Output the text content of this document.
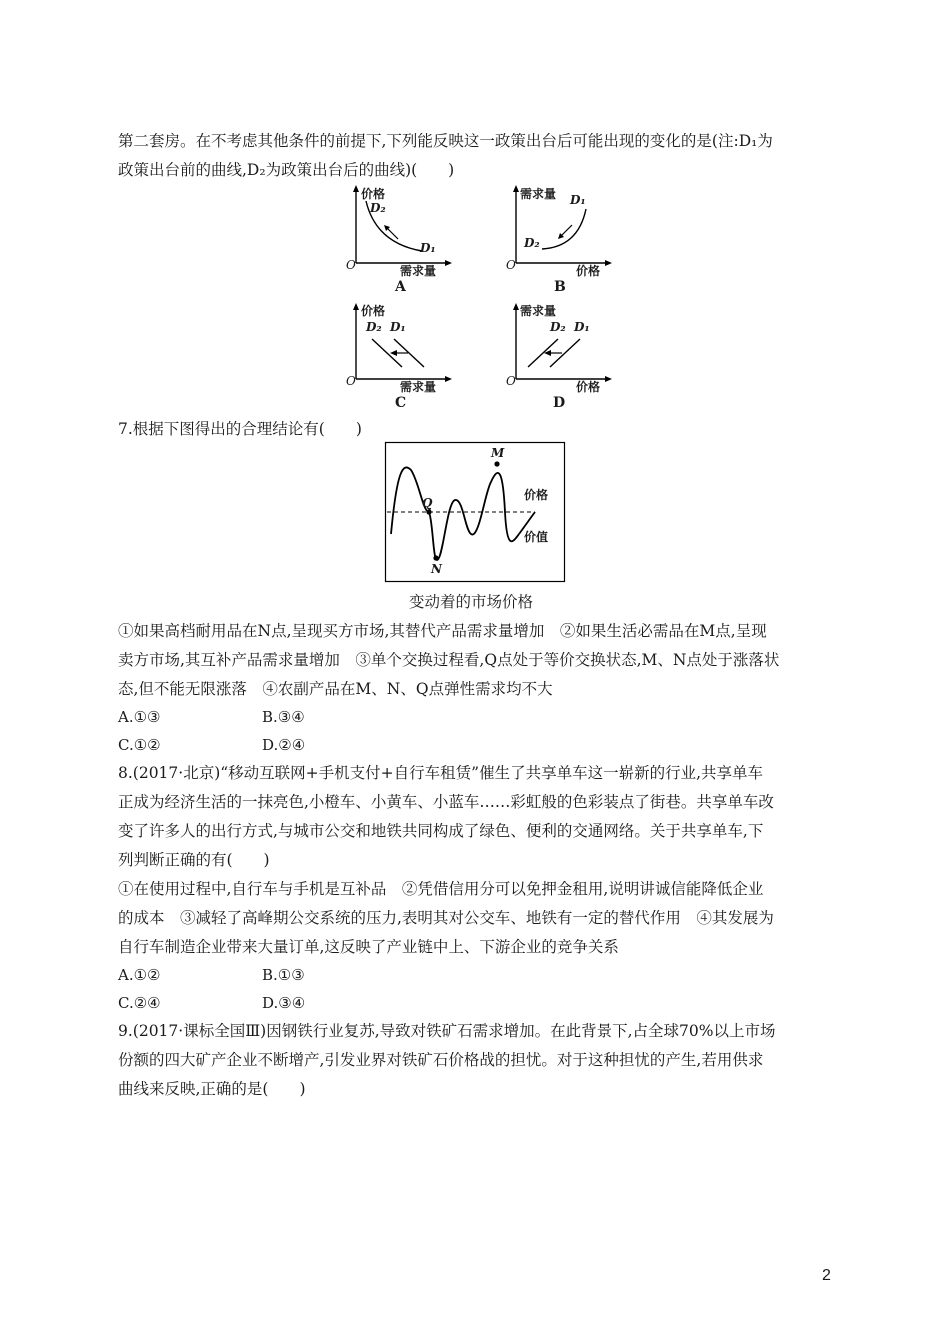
第二套房。在不考虑其他条件的前提下,下列能反映这一政策出台后可能出现的变化的是(注:D₁为
政策出台前的曲线,D₂为政策出台后的曲线)(　　)
价格
需求量
O
D₂
D₁
A
需求量
价格
O
D₁
D₂
B
价格
需求量
O
D₂ D₁
C
需求量
价格
O
D₂ D₁
D
7.根据下图得出的合理结论有(　　)
M
Q
N
价格
价值
变动着的市场价格
①如果高档耐用品在N点,呈现买方市场,其替代产品需求量增加　②如果生活必需品在M点,呈现
卖方市场,其互补产品需求量增加　③单个交换过程看,Q点处于等价交换状态,M、N点处于涨落状
态,但不能无限涨落　④农副产品在M、N、Q点弹性需求均不大
A.①③	B.③④
C.①②	D.②④
8.(2017·北京)“移动互联网+手机支付+自行车租赁”催生了共享单车这一崭新的行业,共享单车
正成为经济生活的一抹亮色,小橙车、小黄车、小蓝车……彩虹般的色彩装点了街巷。共享单车改
变了许多人的出行方式,与城市公交和地铁共同构成了绿色、便利的交通网络。关于共享单车,下
列判断正确的有(　　)
①在使用过程中,自行车与手机是互补品　②凭借信用分可以免押金租用,说明讲诚信能降低企业
的成本　③减轻了高峰期公交系统的压力,表明其对公交车、地铁有一定的替代作用　④其发展为
自行车制造企业带来大量订单,这反映了产业链中上、下游企业的竞争关系
A.①②	B.①③
C.②④	D.③④
9.(2017·课标全国Ⅲ)因钢铁行业复苏,导致对铁矿石需求增加。在此背景下,占全球70%以上市场
份额的四大矿产企业不断增产,引发业界对铁矿石价格战的担忧。对于这种担忧的产生,若用供求
曲线来反映,正确的是(　　)
2
